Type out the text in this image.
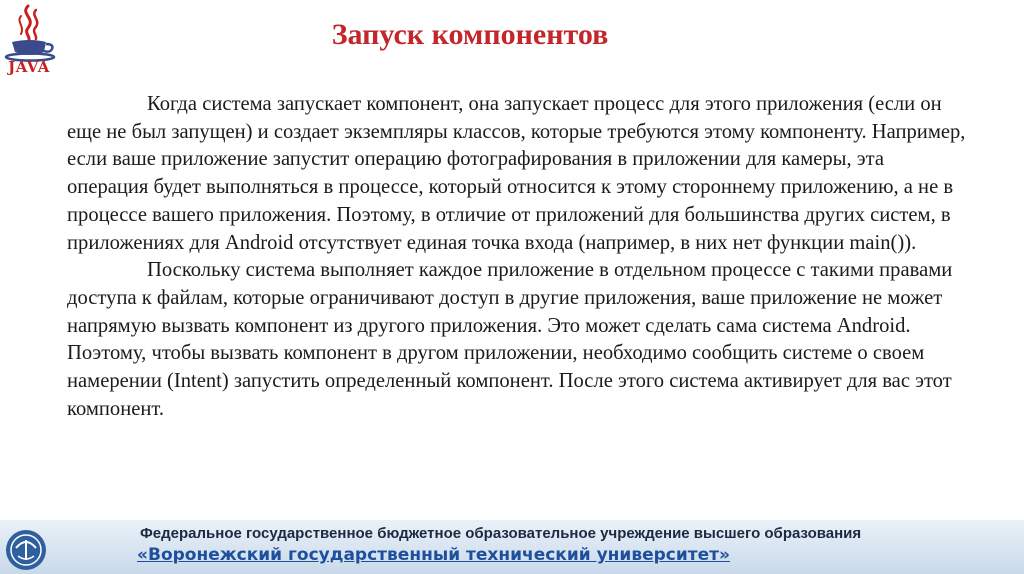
JAVA
Запуск компонентов

Когда система запускает компонент, она запускает процесс для этого приложения (если он еще не был запущен) и создает экземпляры классов, которые требуются этому компоненту. Например, если ваше приложение запустит операцию фотографирования в приложении для камеры, эта операция будет выполняться в процессе, который относится к этому стороннему приложению, а не в процессе вашего приложения. Поэтому, в отличие от приложений для большинства других систем, в приложениях для Android отсутствует единая точка входа (например, в них нет функции main()).

Поскольку система выполняет каждое приложение в отдельном процессе с такими правами доступа к файлам, которые ограничивают доступ в другие приложения, ваше приложение не может напрямую вызвать компонент из другого приложения. Это может сделать сама система Android. Поэтому, чтобы вызвать компонент в другом приложении, необходимо сообщить системе о своем намерении (Intent) запустить определенный компонент. После этого система активирует для вас этот компонент.

Федеральное государственное бюджетное образовательное учреждение высшего образования
«Воронежский государственный технический университет»
